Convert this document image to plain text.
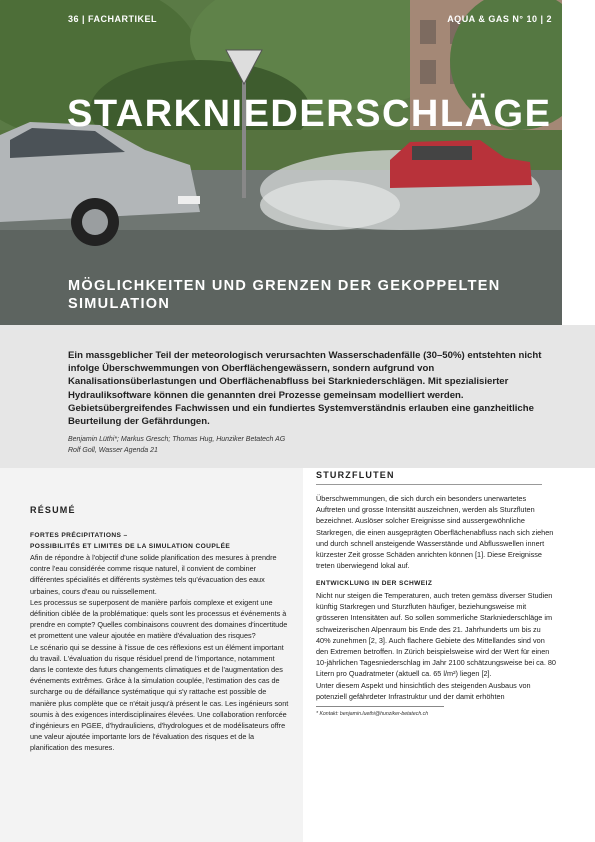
36 | FACHARTIKEL	AQUA & GAS N° 10 | 2
STARKNIEDERSCHLÄGE
MÖGLICHKEITEN UND GRENZEN DER GEKOPPELTEN SIMULATION

Ein massgeblicher Teil der meteorologisch verursachten Wasserschadenfälle (30–50%) entstehten nicht infolge Überschwemmungen von Oberflächengewässern, sondern aufgrund von Kanalisationsüberlastungen und Oberflächenabfluss bei Starkniederschlägen. Mit spezialisierter Hydrauliksoftware können die genannten drei Prozesse gemeinsam modelliert werden. Gebietsübergreifendes Fachwissen und ein fundiertes Systemverständnis erlauben eine ganzheitliche Beurteilung der Gefährdungen.

Benjamin Lüthi*; Markus Gresch; Thomas Hug, Hunziker Betatech AG
Rolf Goll, Wasser Agenda 21
RÉSUMÉ
FORTES PRÉCIPITATIONS –
POSSIBILITÉS ET LIMITES DE LA SIMULATION COUPLÉE

Afin de répondre à l'objectif d'une solide planification des mesures à prendre contre l'eau considérée comme risque naturel, il convient de combiner différentes spécialités et différents systèmes tels qu'évacuation des eaux urbaines, cours d'eau ou ruissellement.

Les processus se superposent de manière parfois complexe et exigent une définition ciblée de la problématique: quels sont les processus et événements à prendre en compte? Quelles combinaisons couvrent des domaines d'incertitude et promettent une valeur ajoutée en matière d'évaluation des risques?

Le scénario qui se dessine à l'issue de ces réflexions est un élément important du travail. L'évaluation du risque résiduel prend de l'importance, notamment dans le contexte des futurs changements climatiques et de l'augmentation des événements extrêmes. Grâce à la simulation couplée, l'estimation des cas de surcharge ou de défaillance systématique qui s'y rattache est possible de manière plus complète que ce n'était jusqu'à présent le cas. Les ingénieurs sont soumis à des exigences interdisciplinaires élevées. Une collaboration renforcée d'ingénieurs en PGEE, d'hydrauliciens, d'hydrologues et de modélisateurs offre une valeur ajoutée importante lors de l'évaluation des risques et de la planification des mesures.

STURZFLUTEN

Überschwemmungen, die sich durch ein besonders unerwartetes Auftreten und grosse Intensität auszeichnen, werden als Sturzfluten bezeichnet. Auslöser solcher Ereignisse sind aussergewöhnliche Starkregen, die einen ausgeprägten Oberflächenabfluss nach sich ziehen und durch schnell ansteigende Wasserstände und Abflusswellen innert kürzester Zeit grosse Schäden anrichten können [1]. Diese Ereignisse treten überwiegend lokal auf.

ENTWICKLUNG IN DER SCHWEIZ

Nicht nur steigen die Temperaturen, auch treten gemäss diverser Studien künftig Starkregen und Sturzfluten häufiger, beziehungsweise mit grösseren Intensitäten auf. So sollen sommerliche Starkniederschläge im schweizerischen Alpenraum bis Ende des 21. Jahrhunderts um bis zu 40% zunehmen [2, 3]. Auch flachere Gebiete des Mittellandes sind von den Extremen betroffen. In Zürich beispielsweise wird der Wert für einen 10-jährlichen Tagesniederschlag im Jahr 2100 schätzungsweise bei ca. 80 Litern pro Quadratmeter (aktuell ca. 65 l/m²) liegen [2].

Unter diesem Aspekt und hinsichtlich des steigenden Ausbaus von potenziell gefährdeter Infrastruktur und der damit erhöhten

* Kontakt: benjamin.luethi@hunziker-betatech.ch
